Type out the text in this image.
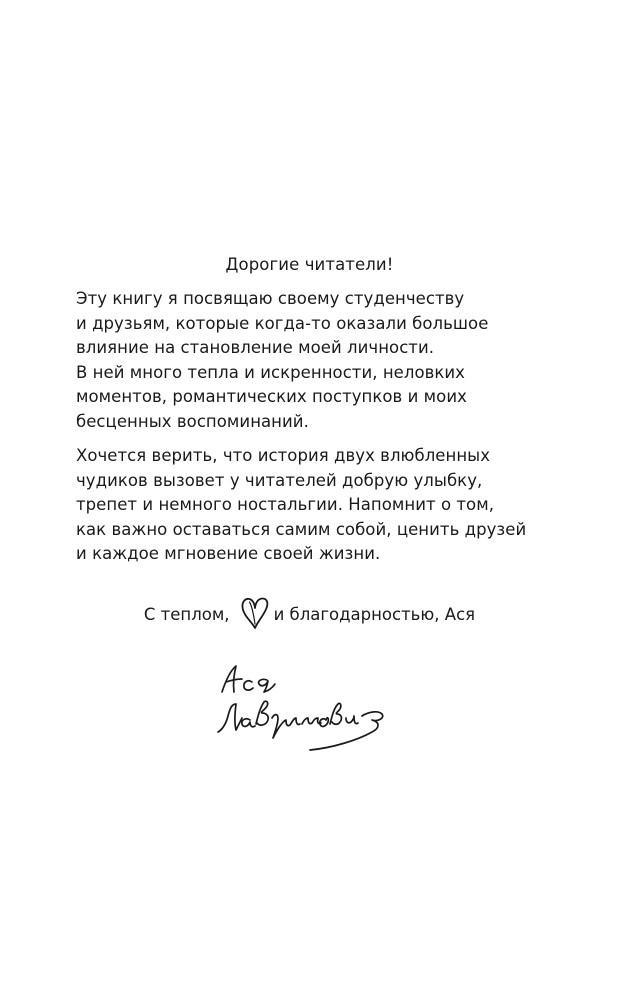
Дорогие читатели!
Эту книгу я посвящаю своему студенчеству
и друзьям, которые когда-то оказали большое
влияние на становление моей личности.
В ней много тепла и искренности, неловких
моментов, романтических поступков и моих
бесценных воспоминаний.
Хочется верить, что история двух влюбленных
чудиков вызовет у читателей добрую улыбку,
трепет и немного ностальгии. Напомнит о том,
как важно оставаться самим собой, ценить друзей
и каждое мгновение своей жизни.
С теплом,	и благодарностью, Ася
